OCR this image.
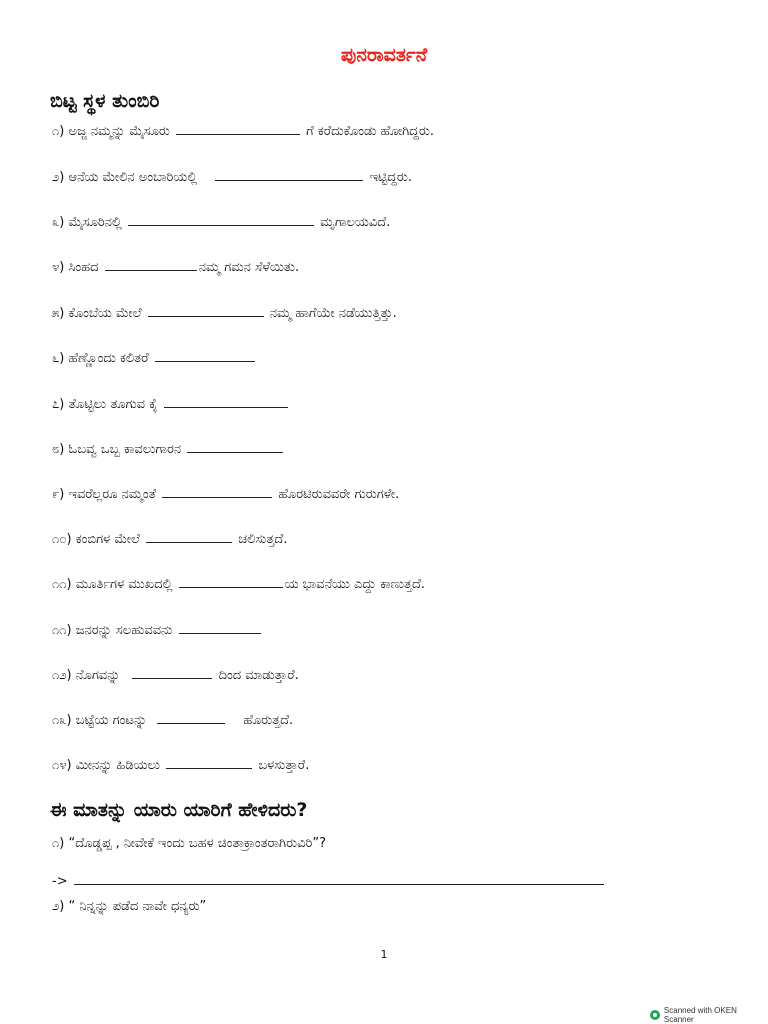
ಪುನರಾವರ್ತನೆ
ಬಿಟ್ಟ ಸ್ಥಳ ತುಂಬಿರಿ
೧) ಅಜ್ಜ ನಮ್ಮನ್ನು ಮೈಸೂರು	ಗೆ ಕರೆದುಕೊಂಡು ಹೋಗಿದ್ದರು.
೨) ಆನೆಯ ಮೇಲಿನ ಅಂಬಾರಿಯಲ್ಲಿ	ಇಟ್ಟಿದ್ದರು.
೩) ಮೈಸೂರಿನಲ್ಲಿ	ಮೃಗಾಲಯವಿದೆ.
೪) ಸಿಂಹದ	ನಮ್ಮ ಗಮನ ಸೆಳೆಯಿತು.
೫) ಕೊಂಬೆಯ ಮೇಲೆ	ನಮ್ಮ ಹಾಗೆಯೇ ನಡೆಯುತ್ತಿತ್ತು.
೬) ಹೆಣ್ಣೊಂದು ಕಲಿತರೆ
೭) ತೊಟ್ಟಿಲು ತೂಗುವ ಕೈ
೮) ಓಬವ್ವ ಒಬ್ಬ ಕಾವಲುಗಾರನ
೯) ಇವರೆಲ್ಲರೂ ನಮ್ಮಂತೆ	ಹೊರಟಿರುವವರೇ ಗುರುಗಳೇ.
೧೦) ಕಂಬಿಗಳ ಮೇಲೆ	ಚಲಿಸುತ್ತದೆ.
೧೧) ಮೂರ್ತಿಗಳ ಮುಖದಲ್ಲಿ	ಯ ಭಾವನೆಯು ಎದ್ದು ಕಾಣುತ್ತದೆ.
೧೧) ಜನರನ್ನು ಸಲಹುವವನು
೧೨) ನೊಗವನ್ನು	ದಿಂದ ಮಾಡುತ್ತಾರೆ.
೧೩) ಬಟ್ಟೆಯ ಗಂಟನ್ನು	ಹೊರುತ್ತದೆ.
೧೪) ಮೀನನ್ನು ಹಿಡಿಯಲು	ಬಳಸುತ್ತಾರೆ.
ಈ ಮಾತನ್ನು ಯಾರು ಯಾರಿಗೆ ಹೇಳಿದರು?
೧) “ದೊಡ್ಡಪ್ಪ , ನೀವೇಕೆ ಇಂದು ಬಹಳ ಚಿಂತಾಕ್ರಾಂತರಾಗಿರುವಿರಿ”?
->
೨) “ ನಿನ್ನನ್ನು ಪಡೆದ ನಾವೇ ಧನ್ಯರು”
1
Scanned with OKEN Scanner
